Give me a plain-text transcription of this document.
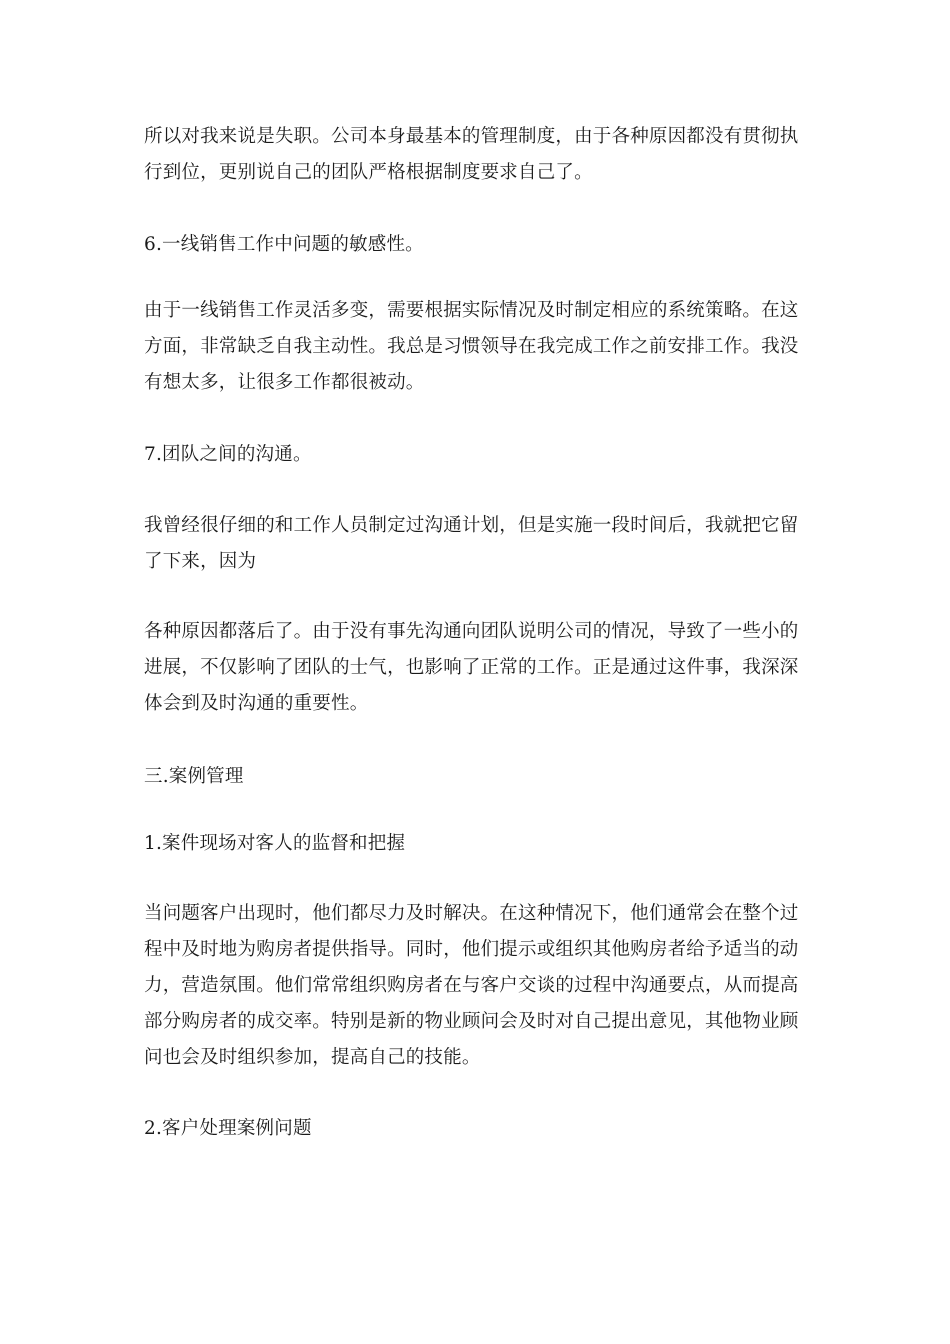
所以对我来说是失职。公司本身最基本的管理制度，由于各种原因都没有贯彻执行到位，更别说自己的团队严格根据制度要求自己了。

6.一线销售工作中问题的敏感性。

由于一线销售工作灵活多变，需要根据实际情况及时制定相应的系统策略。在这方面，非常缺乏自我主动性。我总是习惯领导在我完成工作之前安排工作。我没有想太多，让很多工作都很被动。

7.团队之间的沟通。

我曾经很仔细的和工作人员制定过沟通计划，但是实施一段时间后，我就把它留了下来，因为

各种原因都落后了。由于没有事先沟通向团队说明公司的情况，导致了一些小的进展，不仅影响了团队的士气，也影响了正常的工作。正是通过这件事，我深深体会到及时沟通的重要性。

三.案例管理

1.案件现场对客人的监督和把握

当问题客户出现时，他们都尽力及时解决。在这种情况下，他们通常会在整个过程中及时地为购房者提供指导。同时，他们提示或组织其他购房者给予适当的动力，营造氛围。他们常常组织购房者在与客户交谈的过程中沟通要点，从而提高部分购房者的成交率。特别是新的物业顾问会及时对自己提出意见，其他物业顾问也会及时组织参加，提高自己的技能。

2.客户处理案例问题
